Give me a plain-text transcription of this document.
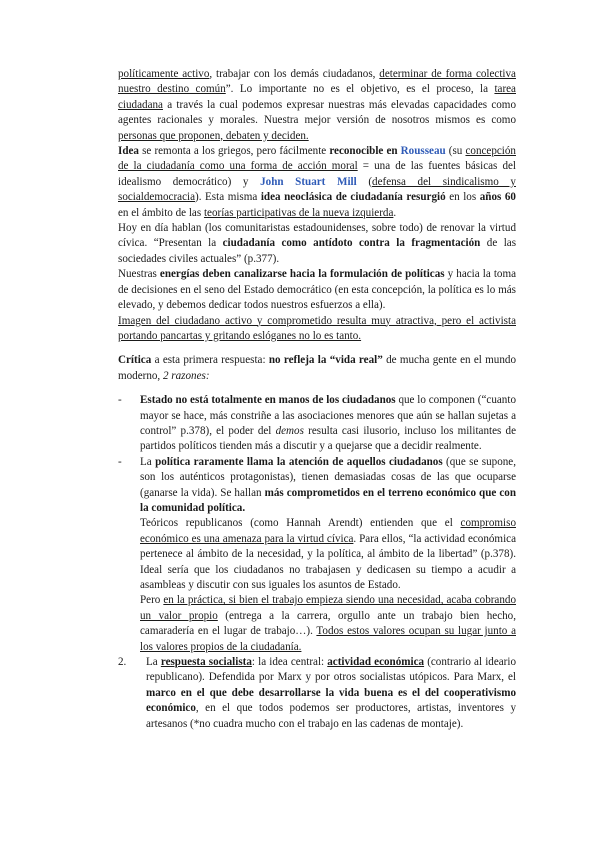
políticamente activo, trabajar con los demás ciudadanos, determinar de forma colectiva nuestro destino común”. Lo importante no es el objetivo, es el proceso, la tarea ciudadana a través la cual podemos expresar nuestras más elevadas capacidades como agentes racionales y morales. Nuestra mejor versión de nosotros mismos es como personas que proponen, debaten y deciden.

Idea se remonta a los griegos, pero fácilmente reconocible en Rousseau (su concepción de la ciudadanía como una forma de acción moral = una de las fuentes básicas del idealismo democrático) y John Stuart Mill (defensa del sindicalismo y socialdemocracia). Esta misma idea neoclásica de ciudadanía resurgió en los años 60 en el ámbito de las teorías participativas de la nueva izquierda.

Hoy en día hablan (los comunitaristas estadounidenses, sobre todo) de renovar la virtud cívica. “Presentan la ciudadanía como antídoto contra la fragmentación de las sociedades civiles actuales” (p.377).

Nuestras energías deben canalizarse hacia la formulación de políticas y hacia la toma de decisiones en el seno del Estado democrático (en esta concepción, la política es lo más elevado, y debemos dedicar todos nuestros esfuerzos a ella).

Imagen del ciudadano activo y comprometido resulta muy atractiva, pero el activista portando pancartas y gritando eslóganes no lo es tanto.

Crítica a esta primera respuesta: no refleja la “vida real” de mucha gente en el mundo moderno, 2 razones:

- Estado no está totalmente en manos de los ciudadanos que lo componen (“cuanto mayor se hace, más constriñe a las asociaciones menores que aún se hallan sujetas a control” p.378), el poder del demos resulta casi ilusorio, incluso los militantes de partidos políticos tienden más a discutir y a quejarse que a decidir realmente.
- La política raramente llama la atención de aquellos ciudadanos (que se supone, son los auténticos protagonistas), tienen demasiadas cosas de las que ocuparse (ganarse la vida). Se hallan más comprometidos en el terreno económico que con la comunidad política.

Teóricos republicanos (como Hannah Arendt) entienden que el compromiso económico es una amenaza para la virtud cívica. Para ellos, “la actividad económica pertenece al ámbito de la necesidad, y la política, al ámbito de la libertad” (p.378). Ideal sería que los ciudadanos no trabajasen y dedicasen su tiempo a acudir a asambleas y discutir con sus iguales los asuntos de Estado.

Pero en la práctica, si bien el trabajo empieza siendo una necesidad, acaba cobrando un valor propio (entrega a la carrera, orgullo ante un trabajo bien hecho, camaradería en el lugar de trabajo…). Todos estos valores ocupan su lugar junto a los valores propios de la ciudadanía.

2. La respuesta socialista: la idea central: actividad económica (contrario al ideario republicano). Defendida por Marx y por otros socialistas utópicos. Para Marx, el marco en el que debe desarrollarse la vida buena es el del cooperativismo económico, en el que todos podemos ser productores, artistas, inventores y artesanos (*no cuadra mucho con el trabajo en las cadenas de montaje).
